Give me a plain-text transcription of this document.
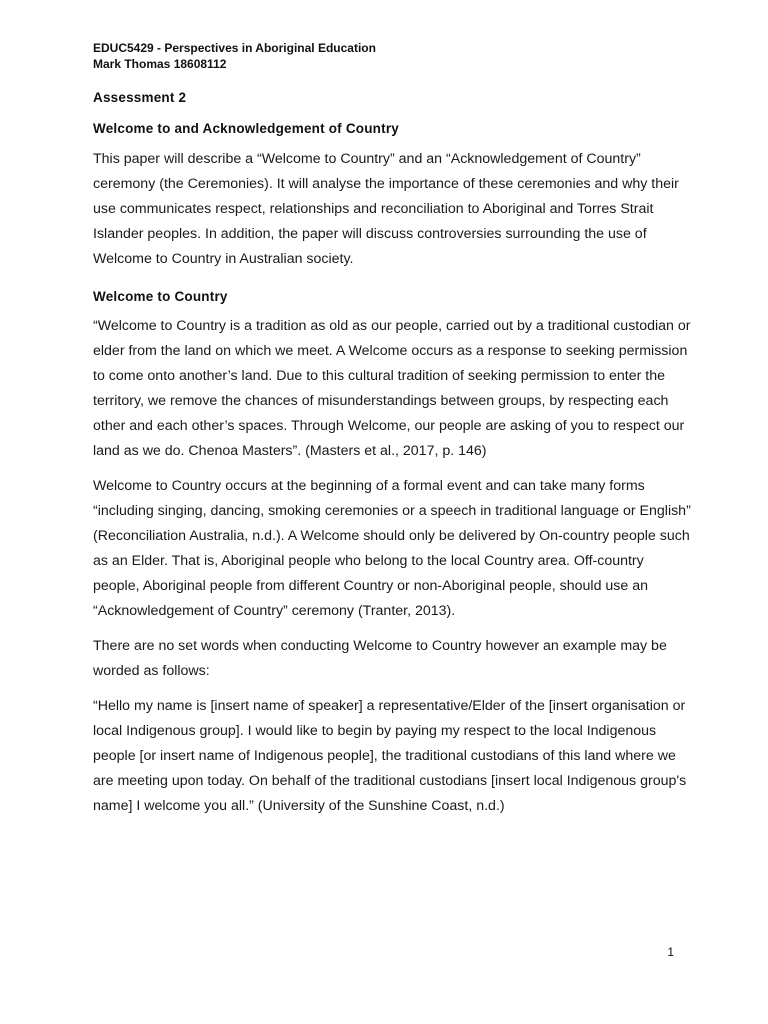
EDUC5429 - Perspectives in Aboriginal Education
Mark Thomas 18608112
Assessment 2
Welcome to and Acknowledgement of Country

This paper will describe a “Welcome to Country” and an “Acknowledgement of Country” ceremony (the Ceremonies). It will analyse the importance of these ceremonies and why their use communicates respect, relationships and reconciliation to Aboriginal and Torres Strait Islander peoples. In addition, the paper will discuss controversies surrounding the use of Welcome to Country in Australian society.

Welcome to Country

“Welcome to Country is a tradition as old as our people, carried out by a traditional custodian or elder from the land on which we meet. A Welcome occurs as a response to seeking permission to come onto another’s land. Due to this cultural tradition of seeking permission to enter the territory, we remove the chances of misunderstandings between groups, by respecting each other and each other’s spaces. Through Welcome, our people are asking of you to respect our land as we do. Chenoa Masters”. (Masters et al., 2017, p. 146)

Welcome to Country occurs at the beginning of a formal event and can take many forms “including singing, dancing, smoking ceremonies or a speech in traditional language or English” (Reconciliation Australia, n.d.). A Welcome should only be delivered by On-country people such as an Elder. That is, Aboriginal people who belong to the local Country area. Off-country people, Aboriginal people from different Country or non-Aboriginal people, should use an “Acknowledgement of Country” ceremony (Tranter, 2013).

There are no set words when conducting Welcome to Country however an example may be worded as follows:

“Hello my name is [insert name of speaker] a representative/Elder of the [insert organisation or local Indigenous group]. I would like to begin by paying my respect to the local Indigenous people [or insert name of Indigenous people], the traditional custodians of this land where we are meeting upon today. On behalf of the traditional custodians [insert local Indigenous group's name] I welcome you all.” (University of the Sunshine Coast, n.d.)

1
